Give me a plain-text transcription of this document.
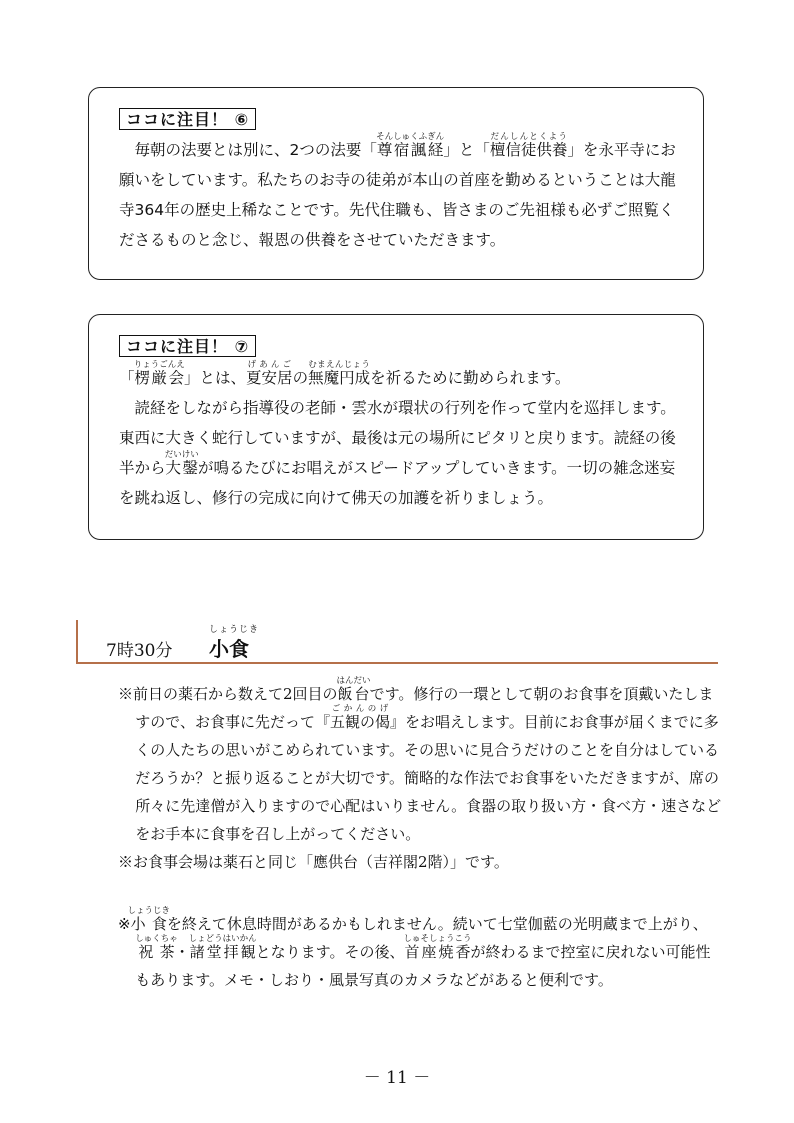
ココに注目！ ⑥

毎朝の法要とは別に、2つの法要「尊宿諷経そんしゅくふぎん」と「檀信徒供養だんしんとくよう」を永平寺にお願いをしています。私たちのお寺の徒弟が本山の首座を勤めるということは大龍寺364年の歴史上稀なことです。先代住職も、皆さまのご先祖様も必ずご照覧くださるものと念じ、報恩の供養をさせていただきます。

ココに注目！ ⑦

「楞厳会りょうごんえ」とは、夏安居げあんごの無魔円成むまえんじょうを祈るために勤められます。

読経をしながら指導役の老師・雲水が環状の行列を作って堂内を巡拝します。東西に大きく蛇行していますが、最後は元の場所にピタリと戻ります。読経の後半から大鏧だいけいが鳴るたびにお唱えがスピードアップしていきます。一切の雑念迷妄を跳ね返し、修行の完成に向けて佛天の加護を祈りましょう。

7時30分
しょうじき
小食

※前日の薬石から数えて2回目の飯台はんだいです。修行の一環として朝のお食事を頂戴いたしますので、お食事に先だって『五観の偈ごかんのげ』をお唱えします。目前にお食事が届くまでに多くの人たちの思いがこめられています。その思いに見合うだけのことを自分はしているだろうか？と振り返ることが大切です。簡略的な作法でお食事をいただきますが、席の所々に先達僧が入りますので心配はいりません。食器の取り扱い方・食べ方・速さなどをお手本に食事を召し上がってください。

※お食事会場は薬石と同じ「應供台（吉祥閣2階）」です。

※小食しょうじきを終えて休息時間があるかもしれません。続いて七堂伽藍の光明蔵まで上がり、祝茶しゅくちゃ・諸堂拝観しょどうはいかんとなります。その後、首座焼香しゅそしょうこうが終わるまで控室に戻れない可能性もあります。メモ・しおり・風景写真のカメラなどがあると便利です。

－ 11 －
